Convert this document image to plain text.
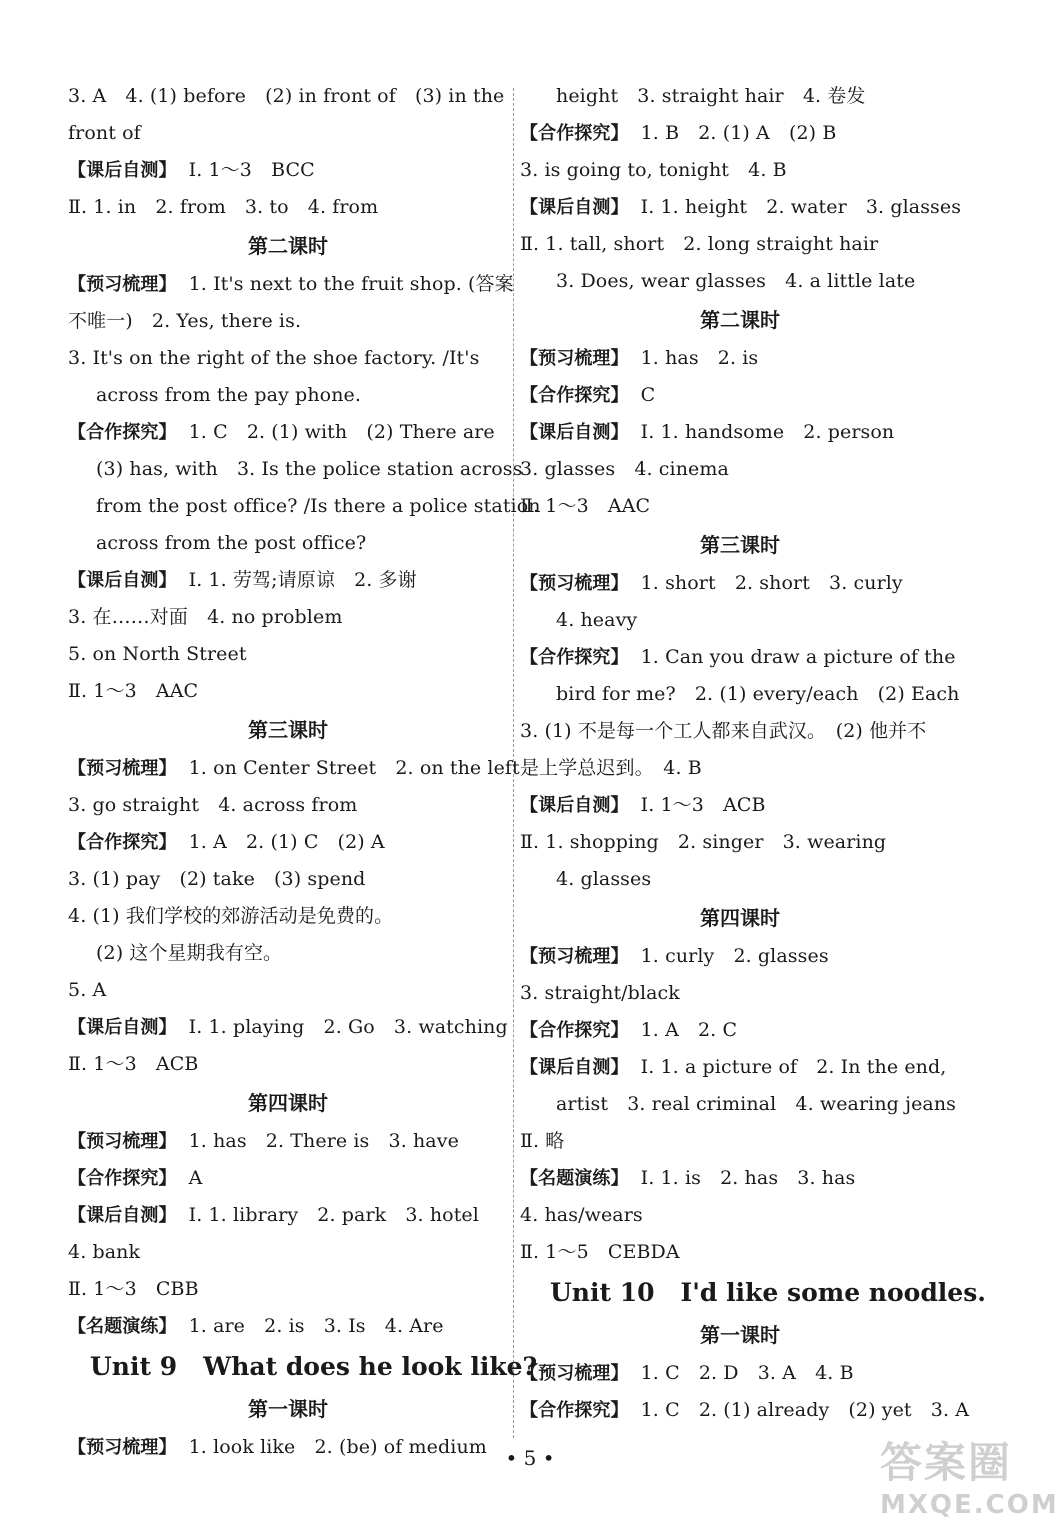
3. A　4. (1) before　(2) in front of　(3) in the
front of
【课后自测】 Ⅰ. 1～3　BCC
Ⅱ. 1. in　2. from　3. to　4. from
第二课时
【预习梳理】 1. It's next to the fruit shop. (答案
不唯一)　2. Yes, there is.
3. It's on the right of the shoe factory. /It's
across from the pay phone.
【合作探究】 1. C　2. (1) with　(2) There are
(3) has, with　3. Is the police station across
from the post office? /Is there a police station
across from the post office?
【课后自测】 Ⅰ. 1. 劳驾;请原谅　2. 多谢
3. 在……对面　4. no problem
5. on North Street
Ⅱ. 1～3　AAC
第三课时
【预习梳理】 1. on Center Street　2. on the left
3. go straight　4. across from
【合作探究】 1. A　2. (1) C　(2) A
3. (1) pay　(2) take　(3) spend
4. (1) 我们学校的郊游活动是免费的。
(2) 这个星期我有空。
5. A
【课后自测】 Ⅰ. 1. playing　2. Go　3. watching
Ⅱ. 1～3　ACB
第四课时
【预习梳理】 1. has　2. There is　3. have
【合作探究】 A
【课后自测】 Ⅰ. 1. library　2. park　3. hotel
4. bank
Ⅱ. 1～3　CBB
【名题演练】 1. are　2. is　3. Is　4. Are
Unit 9 What does he look like?
第一课时
【预习梳理】 1. look like　2. (be) of medium
height　3. straight hair　4. 卷发
【合作探究】 1. B　2. (1) A　(2) B
3. is going to, tonight　4. B
【课后自测】 Ⅰ. 1. height　2. water　3. glasses
Ⅱ. 1. tall, short　2. long straight hair
3. Does, wear glasses　4. a little late
第二课时
【预习梳理】 1. has　2. is
【合作探究】 C
【课后自测】 Ⅰ. 1. handsome　2. person
3. glasses　4. cinema
Ⅱ. 1～3　AAC
第三课时
【预习梳理】 1. short　2. short　3. curly
4. heavy
【合作探究】 1. Can you draw a picture of the
bird for me?　2. (1) every/each　(2) Each
3. (1) 不是每一个工人都来自武汉。　(2) 他并不
是上学总迟到。　4. B
【课后自测】 Ⅰ. 1～3　ACB
Ⅱ. 1. shopping　2. singer　3. wearing
4. glasses
第四课时
【预习梳理】 1. curly　2. glasses
3. straight/black
【合作探究】 1. A　2. C
【课后自测】 Ⅰ. 1. a picture of　2. In the end,
artist　3. real criminal　4. wearing jeans
Ⅱ. 略
【名题演练】 Ⅰ. 1. is　2. has　3. has
4. has/wears
Ⅱ. 1～5　CEBDA
Unit 10 I'd like some noodles.
第一课时
【预习梳理】 1. C　2. D　3. A　4. B
【合作探究】 1. C　2. (1) already　(2) yet　3. A
• 5 •	答案圈
MXQE.COM
